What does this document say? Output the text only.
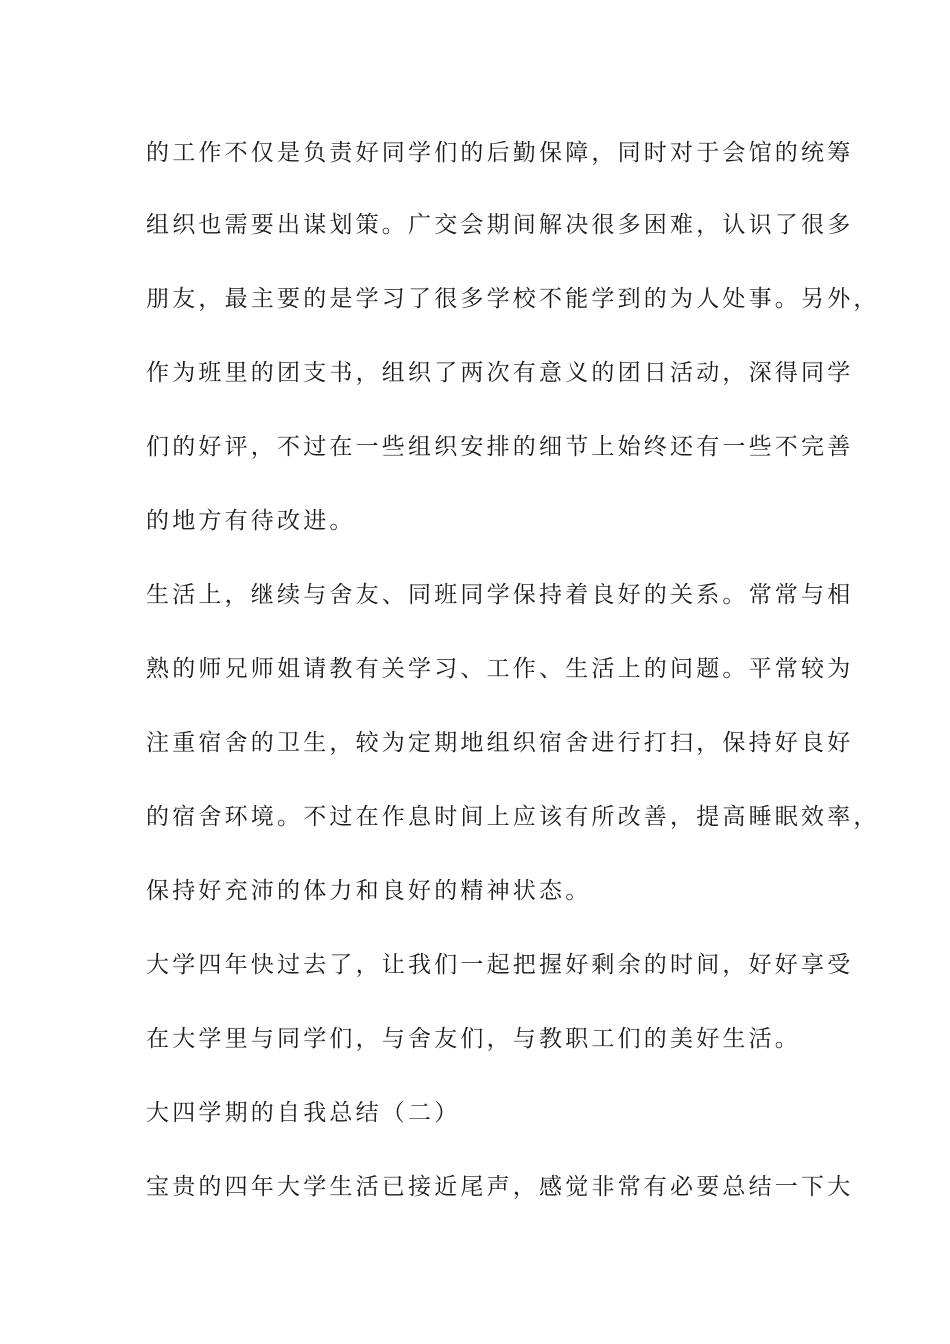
的工作不仅是负责好同学们的后勤保障，同时对于会馆的统筹
组织也需要出谋划策。广交会期间解决很多困难，认识了很多
朋友，最主要的是学习了很多学校不能学到的为人处事。另外，
作为班里的团支书，组织了两次有意义的团日活动，深得同学
们的好评，不过在一些组织安排的细节上始终还有一些不完善
的地方有待改进。
生活上，继续与舍友、同班同学保持着良好的关系。常常与相
熟的师兄师姐请教有关学习、工作、生活上的问题。平常较为
注重宿舍的卫生，较为定期地组织宿舍进行打扫，保持好良好
的宿舍环境。不过在作息时间上应该有所改善，提高睡眠效率，
保持好充沛的体力和良好的精神状态。
大学四年快过去了，让我们一起把握好剩余的时间，好好享受
在大学里与同学们，与舍友们，与教职工们的美好生活。
大四学期的自我总结（二）
宝贵的四年大学生活已接近尾声，感觉非常有必要总结一下大
